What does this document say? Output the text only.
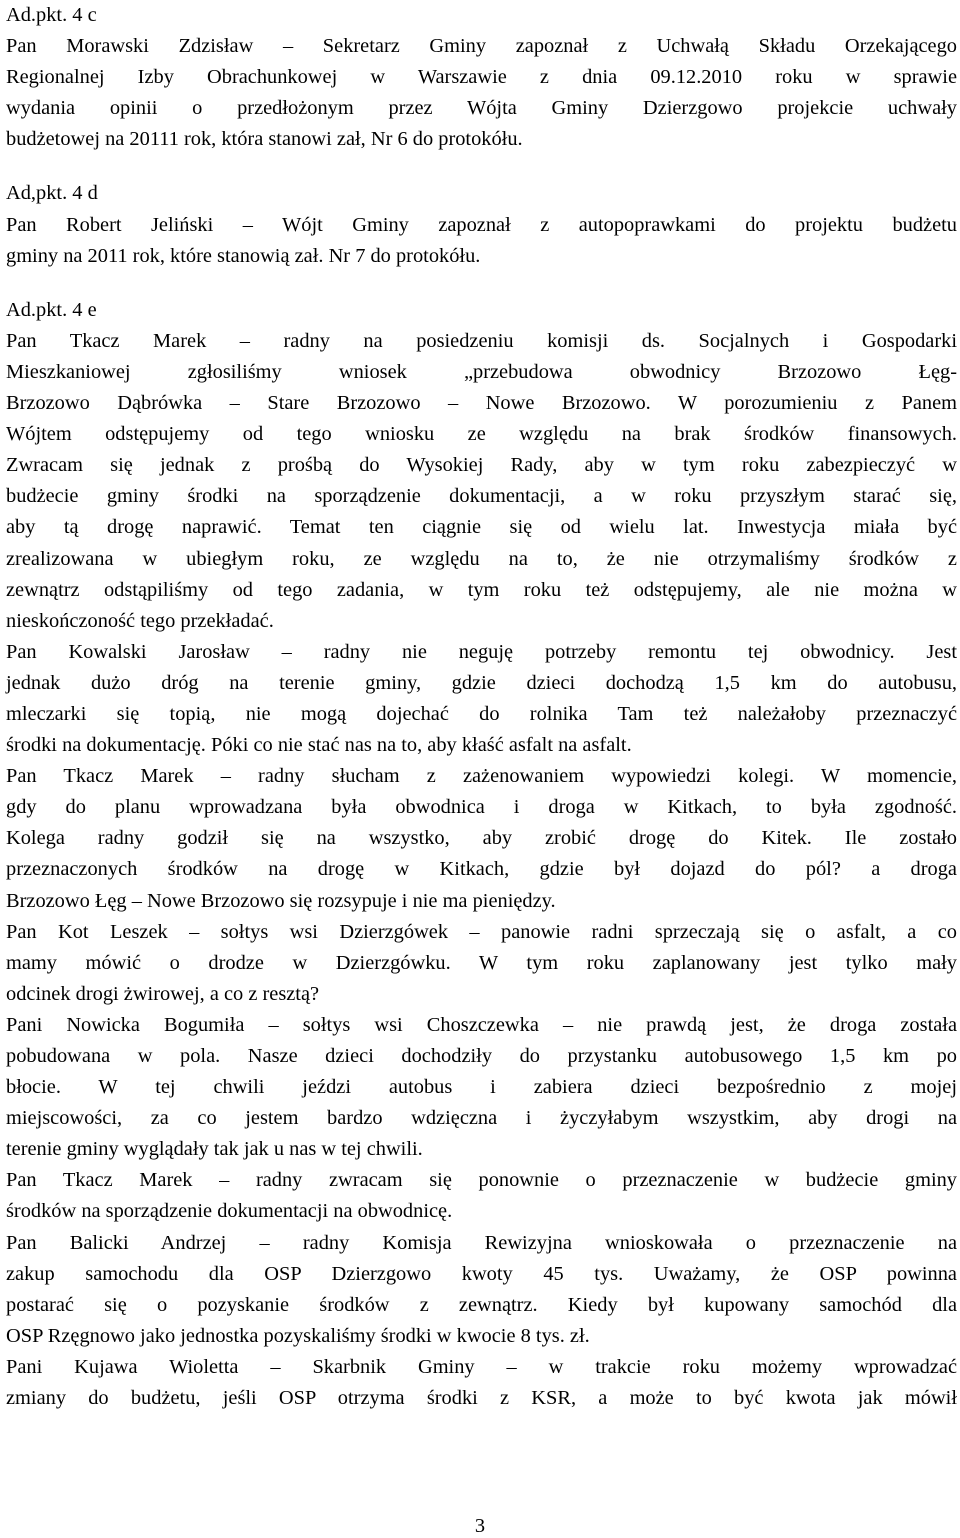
Ad.pkt. 4 c
Pan Morawski Zdzisław – Sekretarz Gminy zapoznał z Uchwałą Składu Orzekającego
Regionalnej Izby Obrachunkowej w Warszawie z dnia 09.12.2010 roku w sprawie
wydania opinii o przedłożonym przez Wójta Gminy Dzierzgowo projekcie uchwały
budżetowej na 20111 rok, która stanowi zał, Nr 6 do protokółu.
Ad,pkt. 4 d
Pan Robert Jeliński – Wójt Gminy zapoznał z autopoprawkami do projektu budżetu
gminy na 2011 rok, które stanowią zał. Nr 7 do protokółu.
Ad.pkt. 4 e
Pan Tkacz Marek – radny na posiedzeniu komisji ds. Socjalnych i Gospodarki
Mieszkaniowej zgłosiliśmy wniosek „przebudowa obwodnicy Brzozowo Łęg-
Brzozowo Dąbrówka – Stare Brzozowo – Nowe Brzozowo. W porozumieniu z Panem
Wójtem odstępujemy od tego wniosku ze względu na brak środków finansowych.
Zwracam się jednak z prośbą do Wysokiej Rady, aby w tym roku zabezpieczyć w
budżecie gminy środki na sporządzenie dokumentacji, a w roku przyszłym starać się,
aby tą drogę naprawić. Temat ten ciągnie się od wielu lat. Inwestycja miała być
zrealizowana w ubiegłym roku, ze względu na to, że nie otrzymaliśmy środków z
zewnątrz odstąpiliśmy od tego zadania, w tym roku też odstępujemy, ale nie można w
nieskończoność tego przekładać.
Pan Kowalski Jarosław – radny nie neguję potrzeby remontu tej obwodnicy. Jest
jednak dużo dróg na terenie gminy, gdzie dzieci dochodzą 1,5 km do autobusu,
mleczarki się topią, nie mogą dojechać do rolnika Tam też należałoby przeznaczyć
środki na dokumentację. Póki co nie stać nas na to, aby kłaść asfalt na asfalt.
Pan Tkacz Marek – radny słucham z zażenowaniem wypowiedzi kolegi. W momencie,
gdy do planu wprowadzana była obwodnica i droga w Kitkach, to była zgodność.
Kolega radny godził się na wszystko, aby zrobić drogę do Kitek. Ile zostało
przeznaczonych środków na drogę w Kitkach, gdzie był dojazd do pól? a droga
Brzozowo Łęg – Nowe Brzozowo się rozsypuje i nie ma pieniędzy.
Pan Kot Leszek – sołtys wsi Dzierzgówek – panowie radni sprzeczają się o asfalt, a co
mamy mówić o drodze w Dzierzgówku. W tym roku zaplanowany jest tylko mały
odcinek drogi żwirowej, a co z resztą?
Pani Nowicka Bogumiła – sołtys wsi Choszczewka – nie prawdą jest, że droga została
pobudowana w pola. Nasze dzieci dochodziły do przystanku autobusowego 1,5 km po
błocie. W tej chwili jeździ autobus i zabiera dzieci bezpośrednio z mojej
miejscowości, za co jestem bardzo wdzięczna i życzyłabym wszystkim, aby drogi na
terenie gminy wyglądały tak jak u nas w tej chwili.
Pan Tkacz Marek – radny zwracam się ponownie o przeznaczenie w budżecie gminy
środków na sporządzenie dokumentacji na obwodnicę.
Pan Balicki Andrzej – radny Komisja Rewizyjna wnioskowała o przeznaczenie na
zakup samochodu dla OSP Dzierzgowo kwoty 45 tys. Uważamy, że OSP powinna
postarać się o pozyskanie środków z zewnątrz. Kiedy był kupowany samochód dla
OSP Rzęgnowo jako jednostka pozyskaliśmy środki w kwocie 8 tys. zł.
Pani Kujawa Wioletta – Skarbnik Gminy – w trakcie roku możemy wprowadzać
zmiany do budżetu, jeśli OSP otrzyma środki z KSR, a może to być kwota jak mówił
3
